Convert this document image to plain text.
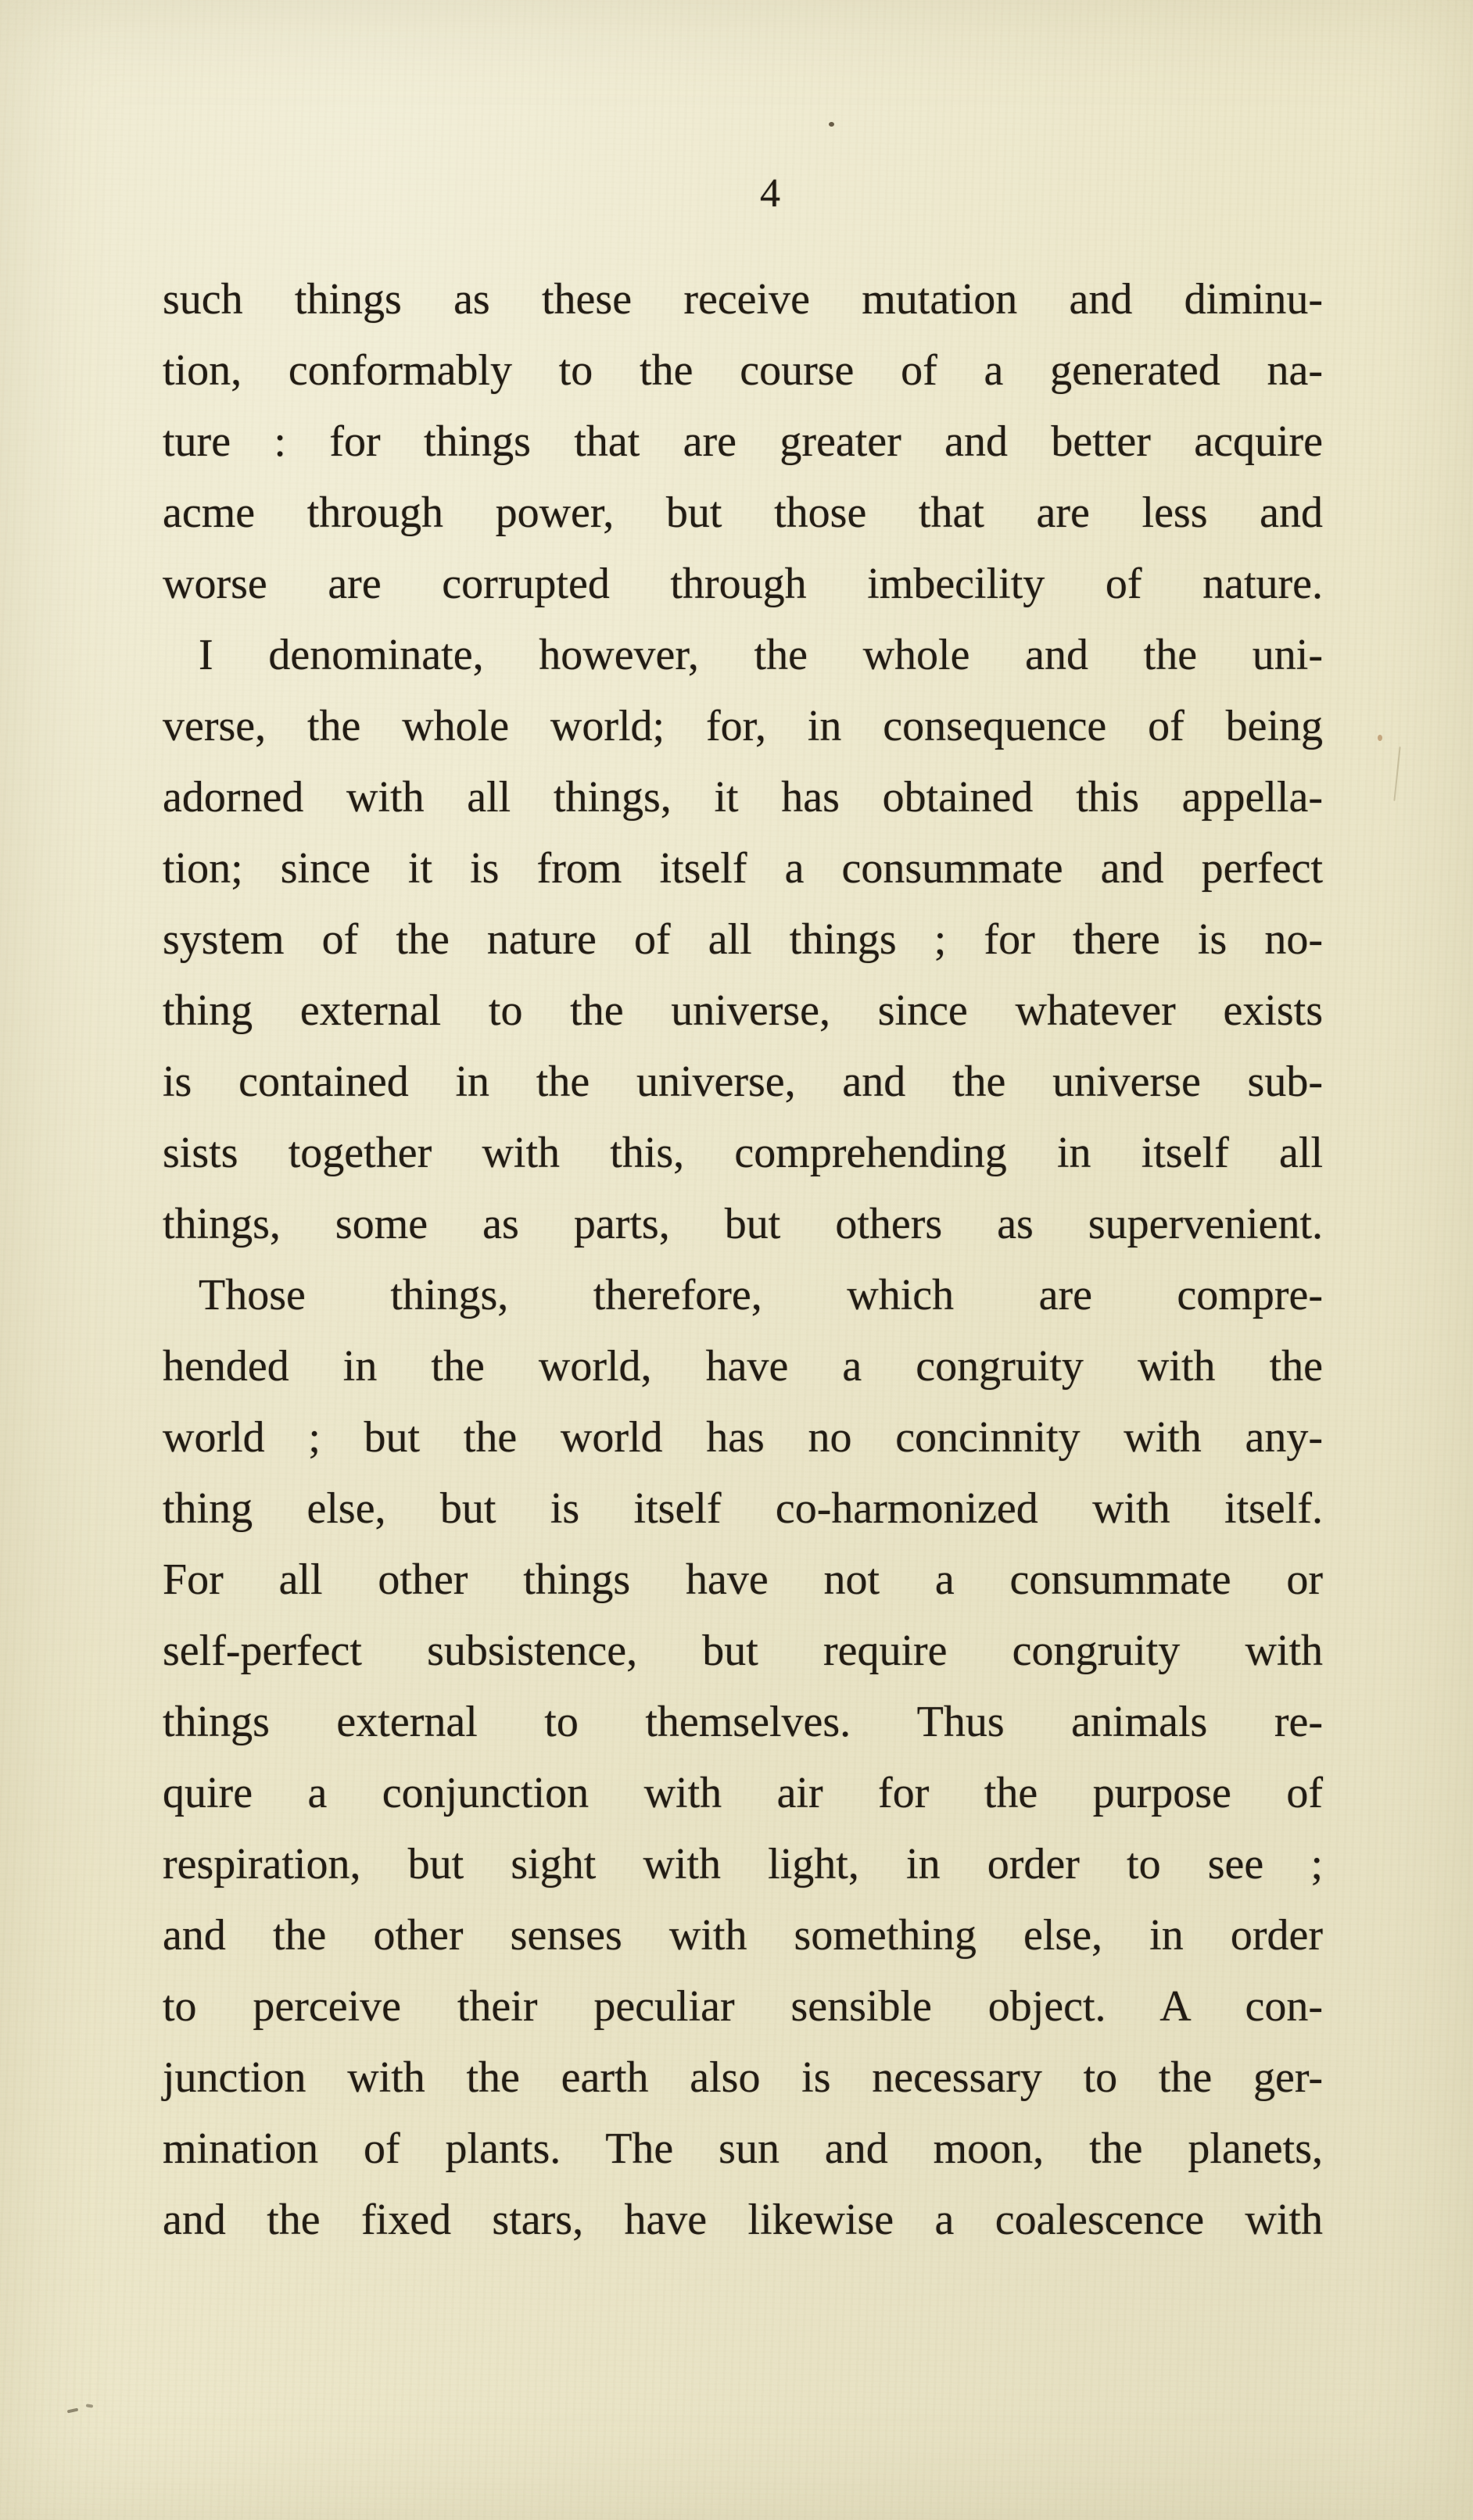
4
such things as these receive mutation and diminu-
tion, conformably to the course of a generated na-
ture : for things that are greater and better acquire
acme through power, but those that are less and
worse are corrupted through imbecility of nature.
I denominate, however, the whole and the uni-
verse, the whole world; for, in consequence of being
adorned with all things, it has obtained this appella-
tion; since it is from itself a consummate and perfect
system of the nature of all things ; for there is no-
thing external to the universe, since whatever exists
is contained in the universe, and the universe sub-
sists together with this, comprehending in itself all
things, some as parts, but others as supervenient.
Those things, therefore, which are compre-
hended in the world, have a congruity with the
world ; but the world has no concinnity with any-
thing else, but is itself co-harmonized with itself.
For all other things have not a consummate or
self-perfect subsistence, but require congruity with
things external to themselves. Thus animals re-
quire a conjunction with air for the purpose of
respiration, but sight with light, in order to see ;
and the other senses with something else, in order
to perceive their peculiar sensible object. A con-
junction with the earth also is necessary to the ger-
mination of plants. The sun and moon, the planets,
and the fixed stars, have likewise a coalescence with
